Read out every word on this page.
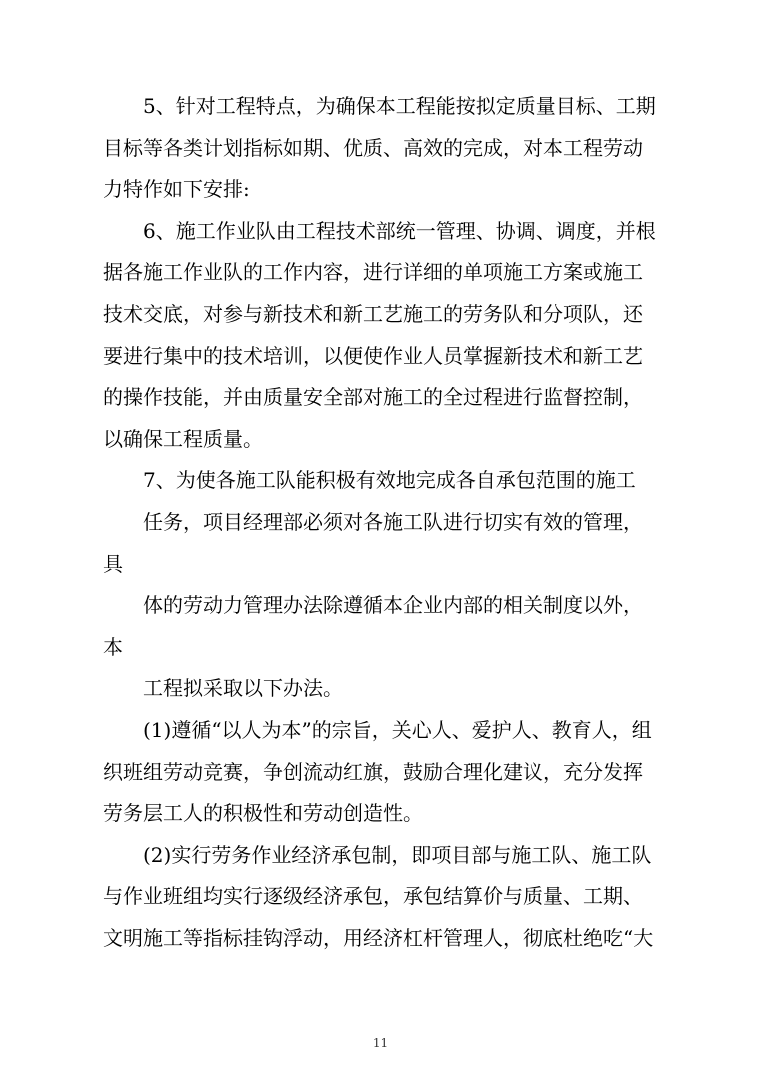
5、针对工程特点，为确保本工程能按拟定质量目标、工期
目标等各类计划指标如期、优质、高效的完成，对本工程劳动
力特作如下安排:
6、施工作业队由工程技术部统一管理、协调、调度，并根
据各施工作业队的工作内容，进行详细的单项施工方案或施工
技术交底，对参与新技术和新工艺施工的劳务队和分项队，还
要进行集中的技术培训，以便使作业人员掌握新技术和新工艺
的操作技能，并由质量安全部对施工的全过程进行监督控制，
以确保工程质量。
7、为使各施工队能积极有效地完成各自承包范围的施工
任务，项目经理部必须对各施工队进行切实有效的管理，
具
体的劳动力管理办法除遵循本企业内部的相关制度以外，
本
工程拟采取以下办法。
(1)遵循“以人为本”的宗旨，关心人、爱护人、教育人，组
织班组劳动竞赛，争创流动红旗，鼓励合理化建议，充分发挥
劳务层工人的积极性和劳动创造性。
(2)实行劳务作业经济承包制，即项目部与施工队、施工队
与作业班组均实行逐级经济承包，承包结算价与质量、工期、
文明施工等指标挂钩浮动，用经济杠杆管理人，彻底杜绝吃“大
11
